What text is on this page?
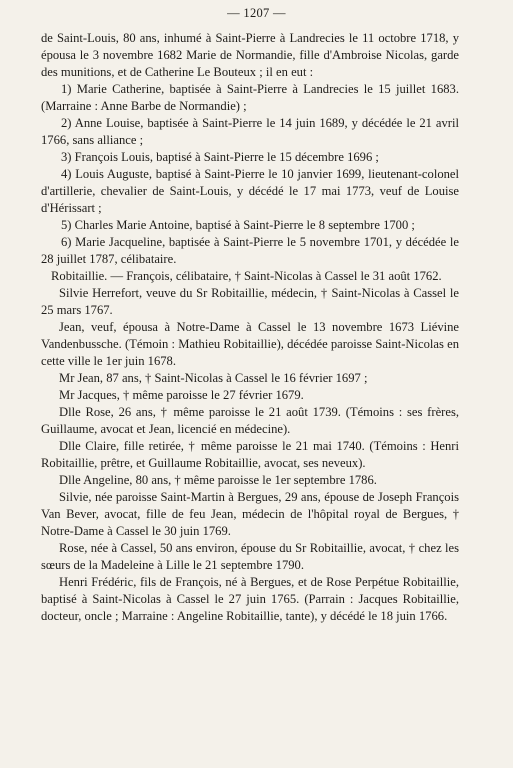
— 1207 —

de Saint-Louis, 80 ans, inhumé à Saint-Pierre à Landrecies le 11 octobre 1718, y épousa le 3 novembre 1682 Marie de Normandie, fille d'Ambroise Nicolas, garde des munitions, et de Catherine Le Bouteux ; il en eut :

1) Marie Catherine, baptisée à Saint-Pierre à Landrecies le 15 juillet 1683. (Marraine : Anne Barbe de Normandie) ;

2) Anne Louise, baptisée à Saint-Pierre le 14 juin 1689, y décédée le 21 avril 1766, sans alliance ;

3) François Louis, baptisé à Saint-Pierre le 15 décembre 1696 ;

4) Louis Auguste, baptisé à Saint-Pierre le 10 janvier 1699, lieutenant-colonel d'artillerie, chevalier de Saint-Louis, y décédé le 17 mai 1773, veuf de Louise d'Hérissart ;

5) Charles Marie Antoine, baptisé à Saint-Pierre le 8 septembre 1700 ;

6) Marie Jacqueline, baptisée à Saint-Pierre le 5 novembre 1701, y décédée le 28 juillet 1787, célibataire.

Robitaillie. — François, célibataire, † Saint-Nicolas à Cassel le 31 août 1762.

Silvie Herrefort, veuve du Sr Robitaillie, médecin, † Saint-Nicolas à Cassel le 25 mars 1767.

Jean, veuf, épousa à Notre-Dame à Cassel le 13 novembre 1673 Liévine Vandenbussche. (Témoin : Mathieu Robitaillie), décédée paroisse Saint-Nicolas en cette ville le 1er juin 1678.

Mr Jean, 87 ans, † Saint-Nicolas à Cassel le 16 février 1697 ;

Mr Jacques, † même paroisse le 27 février 1679.

Dlle Rose, 26 ans, † même paroisse le 21 août 1739. (Témoins : ses frères, Guillaume, avocat et Jean, licencié en médecine).

Dlle Claire, fille retirée, † même paroisse le 21 mai 1740. (Témoins : Henri Robitaillie, prêtre, et Guillaume Robitaillie, avocat, ses neveux).

Dlle Angeline, 80 ans, † même paroisse le 1er septembre 1786.

Silvie, née paroisse Saint-Martin à Bergues, 29 ans, épouse de Joseph François Van Bever, avocat, fille de feu Jean, médecin de l'hôpital royal de Bergues, † Notre-Dame à Cassel le 30 juin 1769.

Rose, née à Cassel, 50 ans environ, épouse du Sr Robitaillie, avocat, † chez les sœurs de la Madeleine à Lille le 21 septembre 1790.

Henri Frédéric, fils de François, né à Bergues, et de Rose Perpétue Robitaillie, baptisé à Saint-Nicolas à Cassel le 27 juin 1765. (Parrain : Jacques Robitaillie, docteur, oncle ; Marraine : Angeline Robitaillie, tante), y décédé le 18 juin 1766.
